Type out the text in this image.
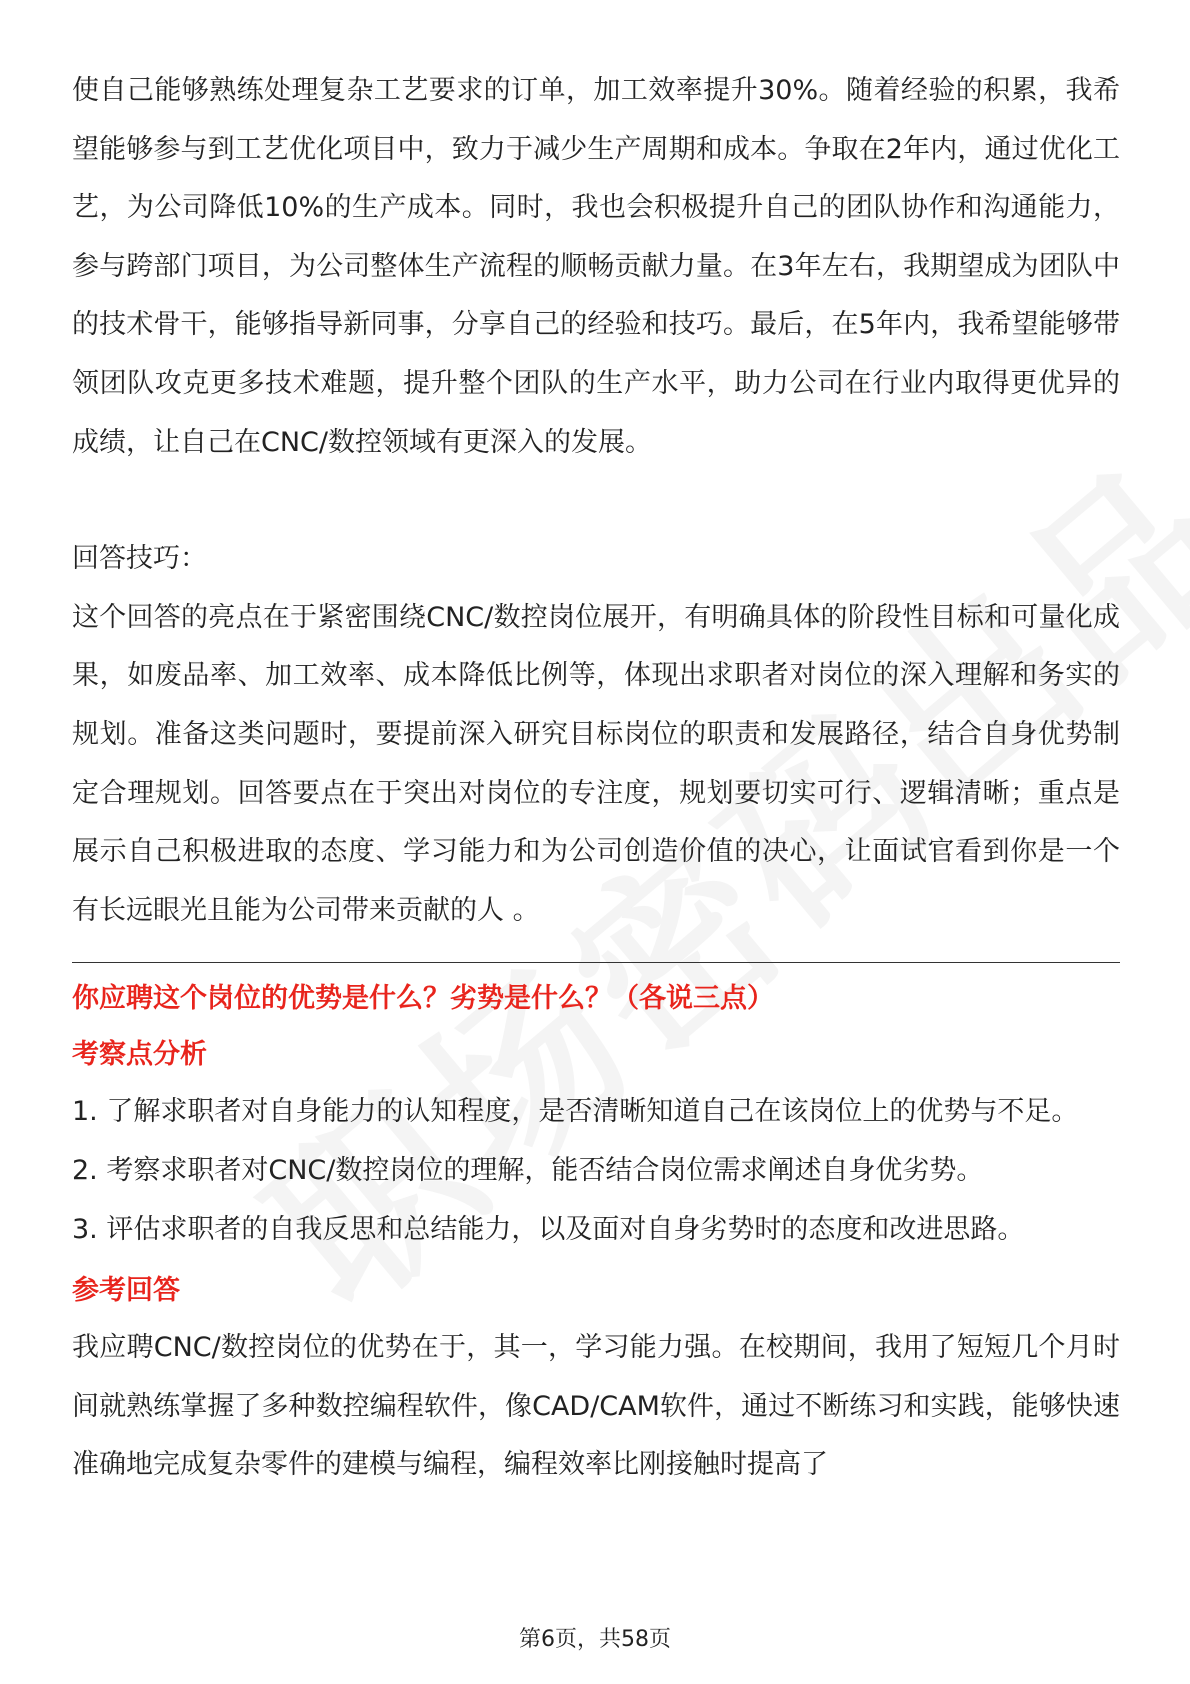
使自己能够熟练处理复杂工艺要求的订单，加工效率提升30%。随着经验的积累，我希望能够参与到工艺优化项目中，致力于减少生产周期和成本。争取在2年内，通过优化工艺，为公司降低10%的生产成本。同时，我也会积极提升自己的团队协作和沟通能力，参与跨部门项目，为公司整体生产流程的顺畅贡献力量。在3年左右，我期望成为团队中的技术骨干，能够指导新同事，分享自己的经验和技巧。最后，在5年内，我希望能够带领团队攻克更多技术难题，提升整个团队的生产水平，助力公司在行业内取得更优异的成绩，让自己在CNC/数控领域有更深入的发展。

回答技巧：

这个回答的亮点在于紧密围绕CNC/数控岗位展开，有明确具体的阶段性目标和可量化成果，如废品率、加工效率、成本降低比例等，体现出求职者对岗位的深入理解和务实的规划。准备这类问题时，要提前深入研究目标岗位的职责和发展路径，结合自身优势制定合理规划。回答要点在于突出对岗位的专注度，规划要切实可行、逻辑清晰；重点是展示自己积极进取的态度、学习能力和为公司创造价值的决心，让面试官看到你是一个有长远眼光且能为公司带来贡献的人 。

你应聘这个岗位的优势是什么？劣势是什么？（各说三点）

考察点分析

1. 了解求职者对自身能力的认知程度，是否清晰知道自己在该岗位上的优势与不足。

2. 考察求职者对CNC/数控岗位的理解，能否结合岗位需求阐述自身优劣势。

3. 评估求职者的自我反思和总结能力，以及面对自身劣势时的态度和改进思路。

参考回答

我应聘CNC/数控岗位的优势在于，其一，学习能力强。在校期间，我用了短短几个月时间就熟练掌握了多种数控编程软件，像CAD/CAM软件，通过不断练习和实践，能够快速准确地完成复杂零件的建模与编程，编程效率比刚接触时提高了

第6页，共58页
